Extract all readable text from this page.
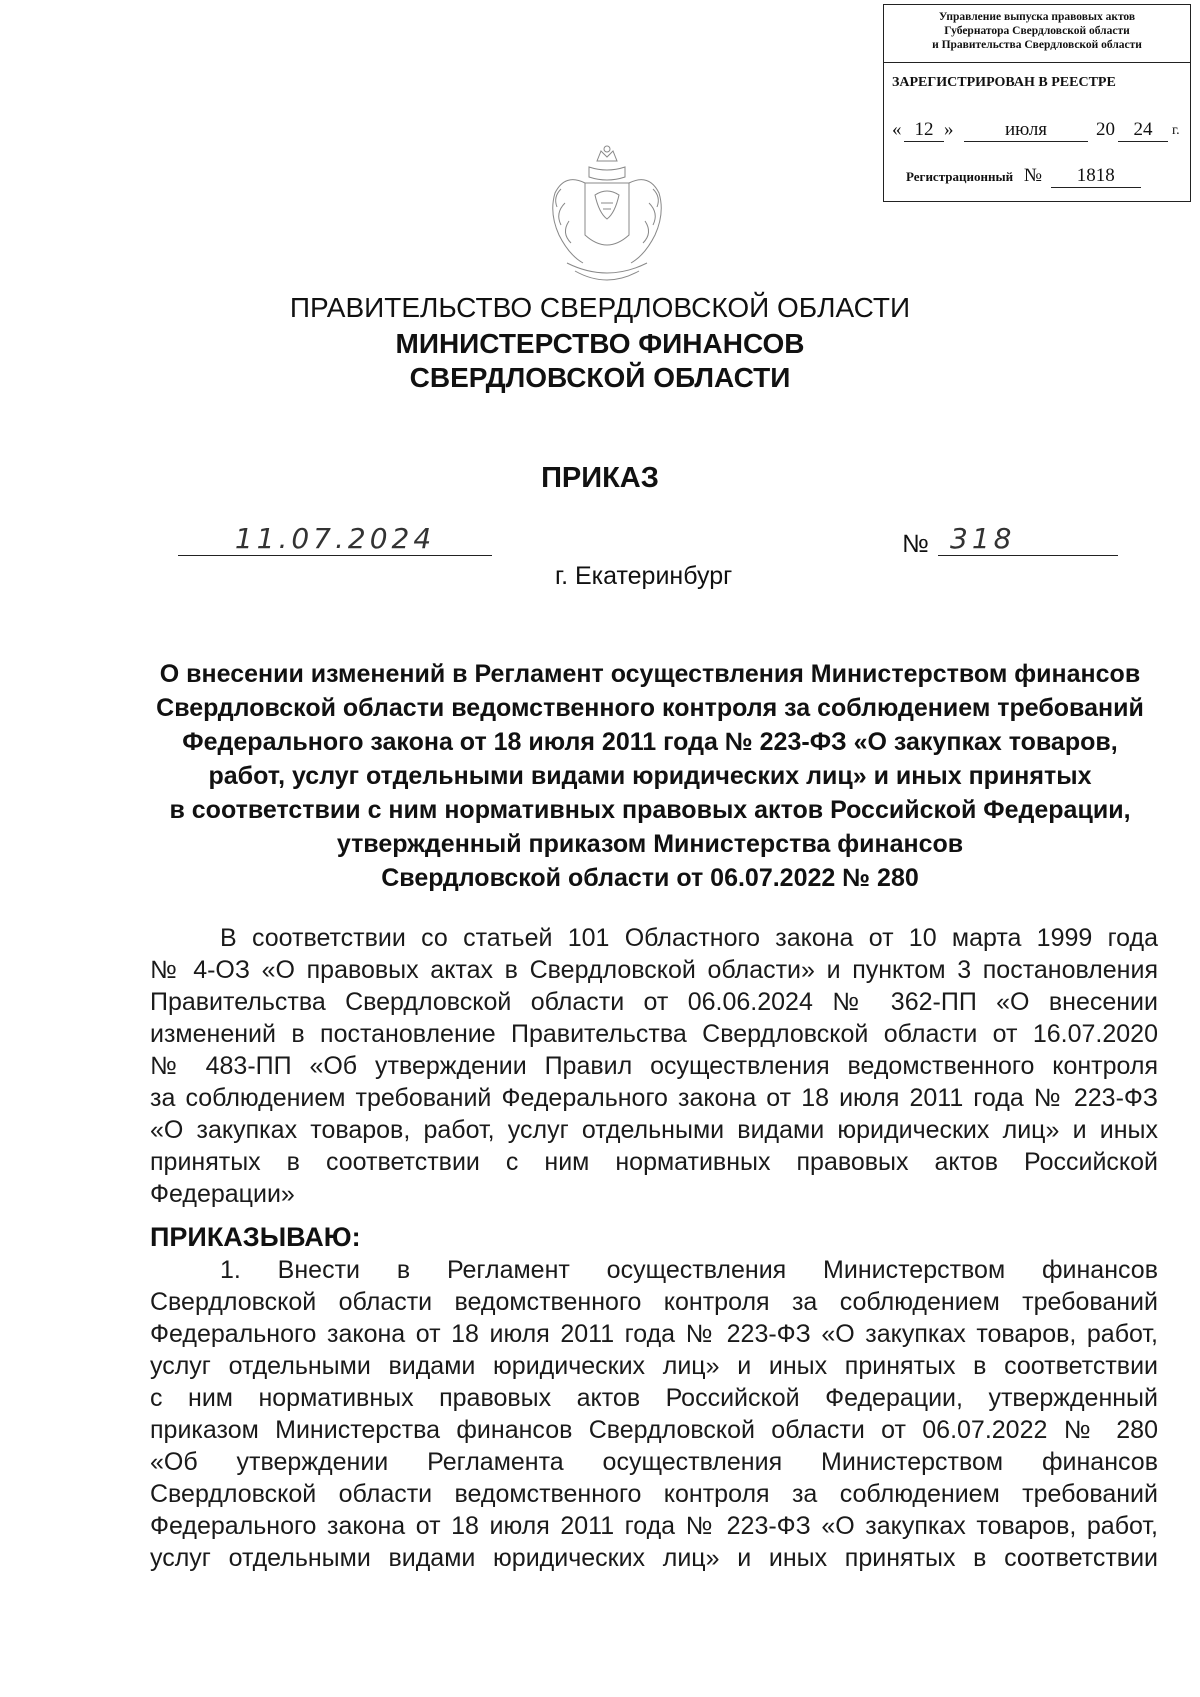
Управление выпуска правовых актов
Губернатора Свердловской области
и Правительства Свердловской области
ЗАРЕГИСТРИРОВАН В РЕЕСТРЕ
« 12 »	июля	20 24	г.
Регистрационный № 1818
ПРАВИТЕЛЬСТВО СВЕРДЛОВСКОЙ ОБЛАСТИ
МИНИСТЕРСТВО ФИНАНСОВ
СВЕРДЛОВСКОЙ ОБЛАСТИ
ПРИКАЗ
11.07.2024	№ 318
г. Екатеринбург
О внесении изменений в Регламент осуществления Министерством финансов
Свердловской области ведомственного контроля за соблюдением требований
Федерального закона от 18 июля 2011 года № 223-ФЗ «О закупках товаров,
работ, услуг отдельными видами юридических лиц» и иных принятых
в соответствии с ним нормативных правовых актов Российской Федерации,
утвержденный приказом Министерства финансов
Свердловской области от 06.07.2022 № 280
В соответствии со статьей 101 Областного закона от 10 марта 1999 года
№ 4-ОЗ «О правовых актах в Свердловской области» и пунктом 3 постановления
Правительства Свердловской области от 06.06.2024 № 362-ПП «О внесении
изменений в постановление Правительства Свердловской области от 16.07.2020
№ 483-ПП «Об утверждении Правил осуществления ведомственного контроля
за соблюдением требований Федерального закона от 18 июля 2011 года № 223-ФЗ
«О закупках товаров, работ, услуг отдельными видами юридических лиц» и иных
принятых в соответствии с ним нормативных правовых актов Российской
Федерации»
ПРИКАЗЫВАЮ:
1. Внести в Регламент осуществления Министерством финансов
Свердловской области ведомственного контроля за соблюдением требований
Федерального закона от 18 июля 2011 года № 223-ФЗ «О закупках товаров, работ,
услуг отдельными видами юридических лиц» и иных принятых в соответствии
с ним нормативных правовых актов Российской Федерации, утвержденный
приказом Министерства финансов Свердловской области от 06.07.2022 № 280
«Об утверждении Регламента осуществления Министерством финансов
Свердловской области ведомственного контроля за соблюдением требований
Федерального закона от 18 июля 2011 года № 223-ФЗ «О закупках товаров, работ,
услуг отдельными видами юридических лиц» и иных принятых в соответствии
